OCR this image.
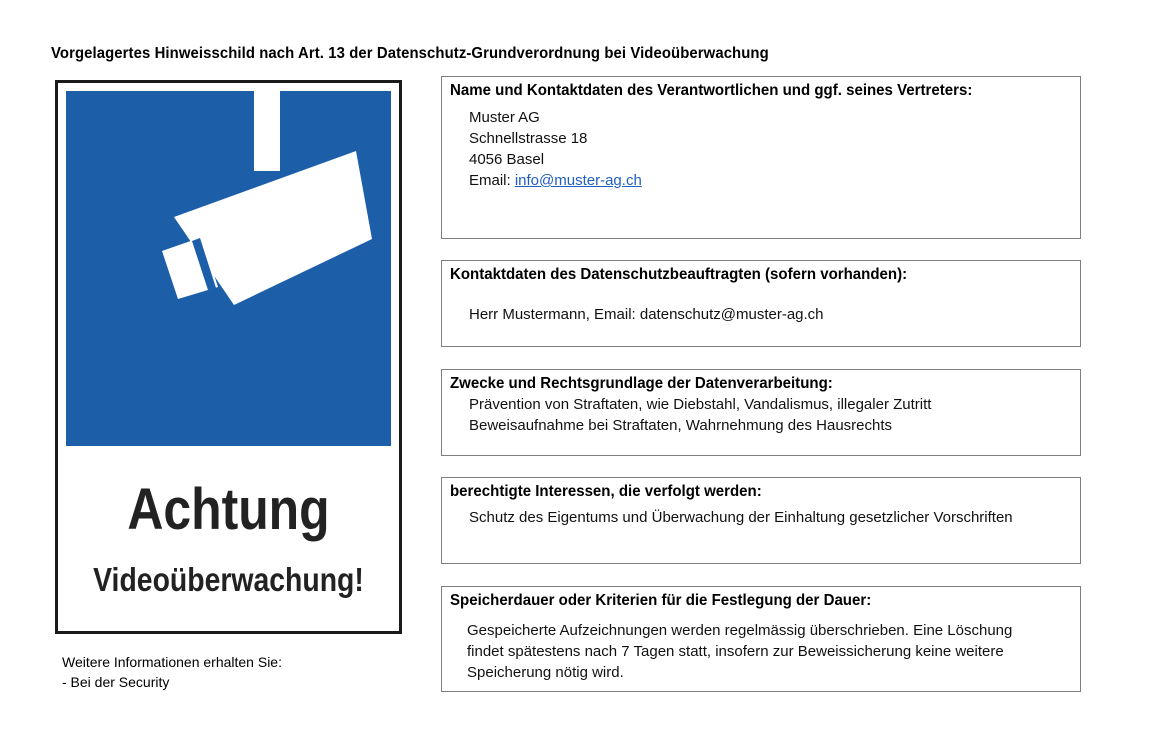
Vorgelagertes Hinweisschild nach Art. 13 der Datenschutz-Grundverordnung bei Videoüberwachung
Achtung
Videoüberwachung!
Weitere Informationen erhalten Sie:
- Bei der Security
Name und Kontaktdaten des Verantwortlichen und ggf. seines Vertreters:
Muster AG
Schnellstrasse 18
4056 Basel
Email: info@muster-ag.ch
Kontaktdaten des Datenschutzbeauftragten (sofern vorhanden):
Herr Mustermann, Email: datenschutz@muster-ag.ch
Zwecke und Rechtsgrundlage der Datenverarbeitung:
Prävention von Straftaten, wie Diebstahl, Vandalismus, illegaler Zutritt
Beweisaufnahme bei Straftaten, Wahrnehmung des Hausrechts
berechtigte Interessen, die verfolgt werden:
Schutz des Eigentums und Überwachung der Einhaltung gesetzlicher Vorschriften
Speicherdauer oder Kriterien für die Festlegung der Dauer:
Gespeicherte Aufzeichnungen werden regelmässig überschrieben. Eine Löschung
findet spätestens nach 7 Tagen statt, insofern zur Beweissicherung keine weitere
Speicherung nötig wird.
